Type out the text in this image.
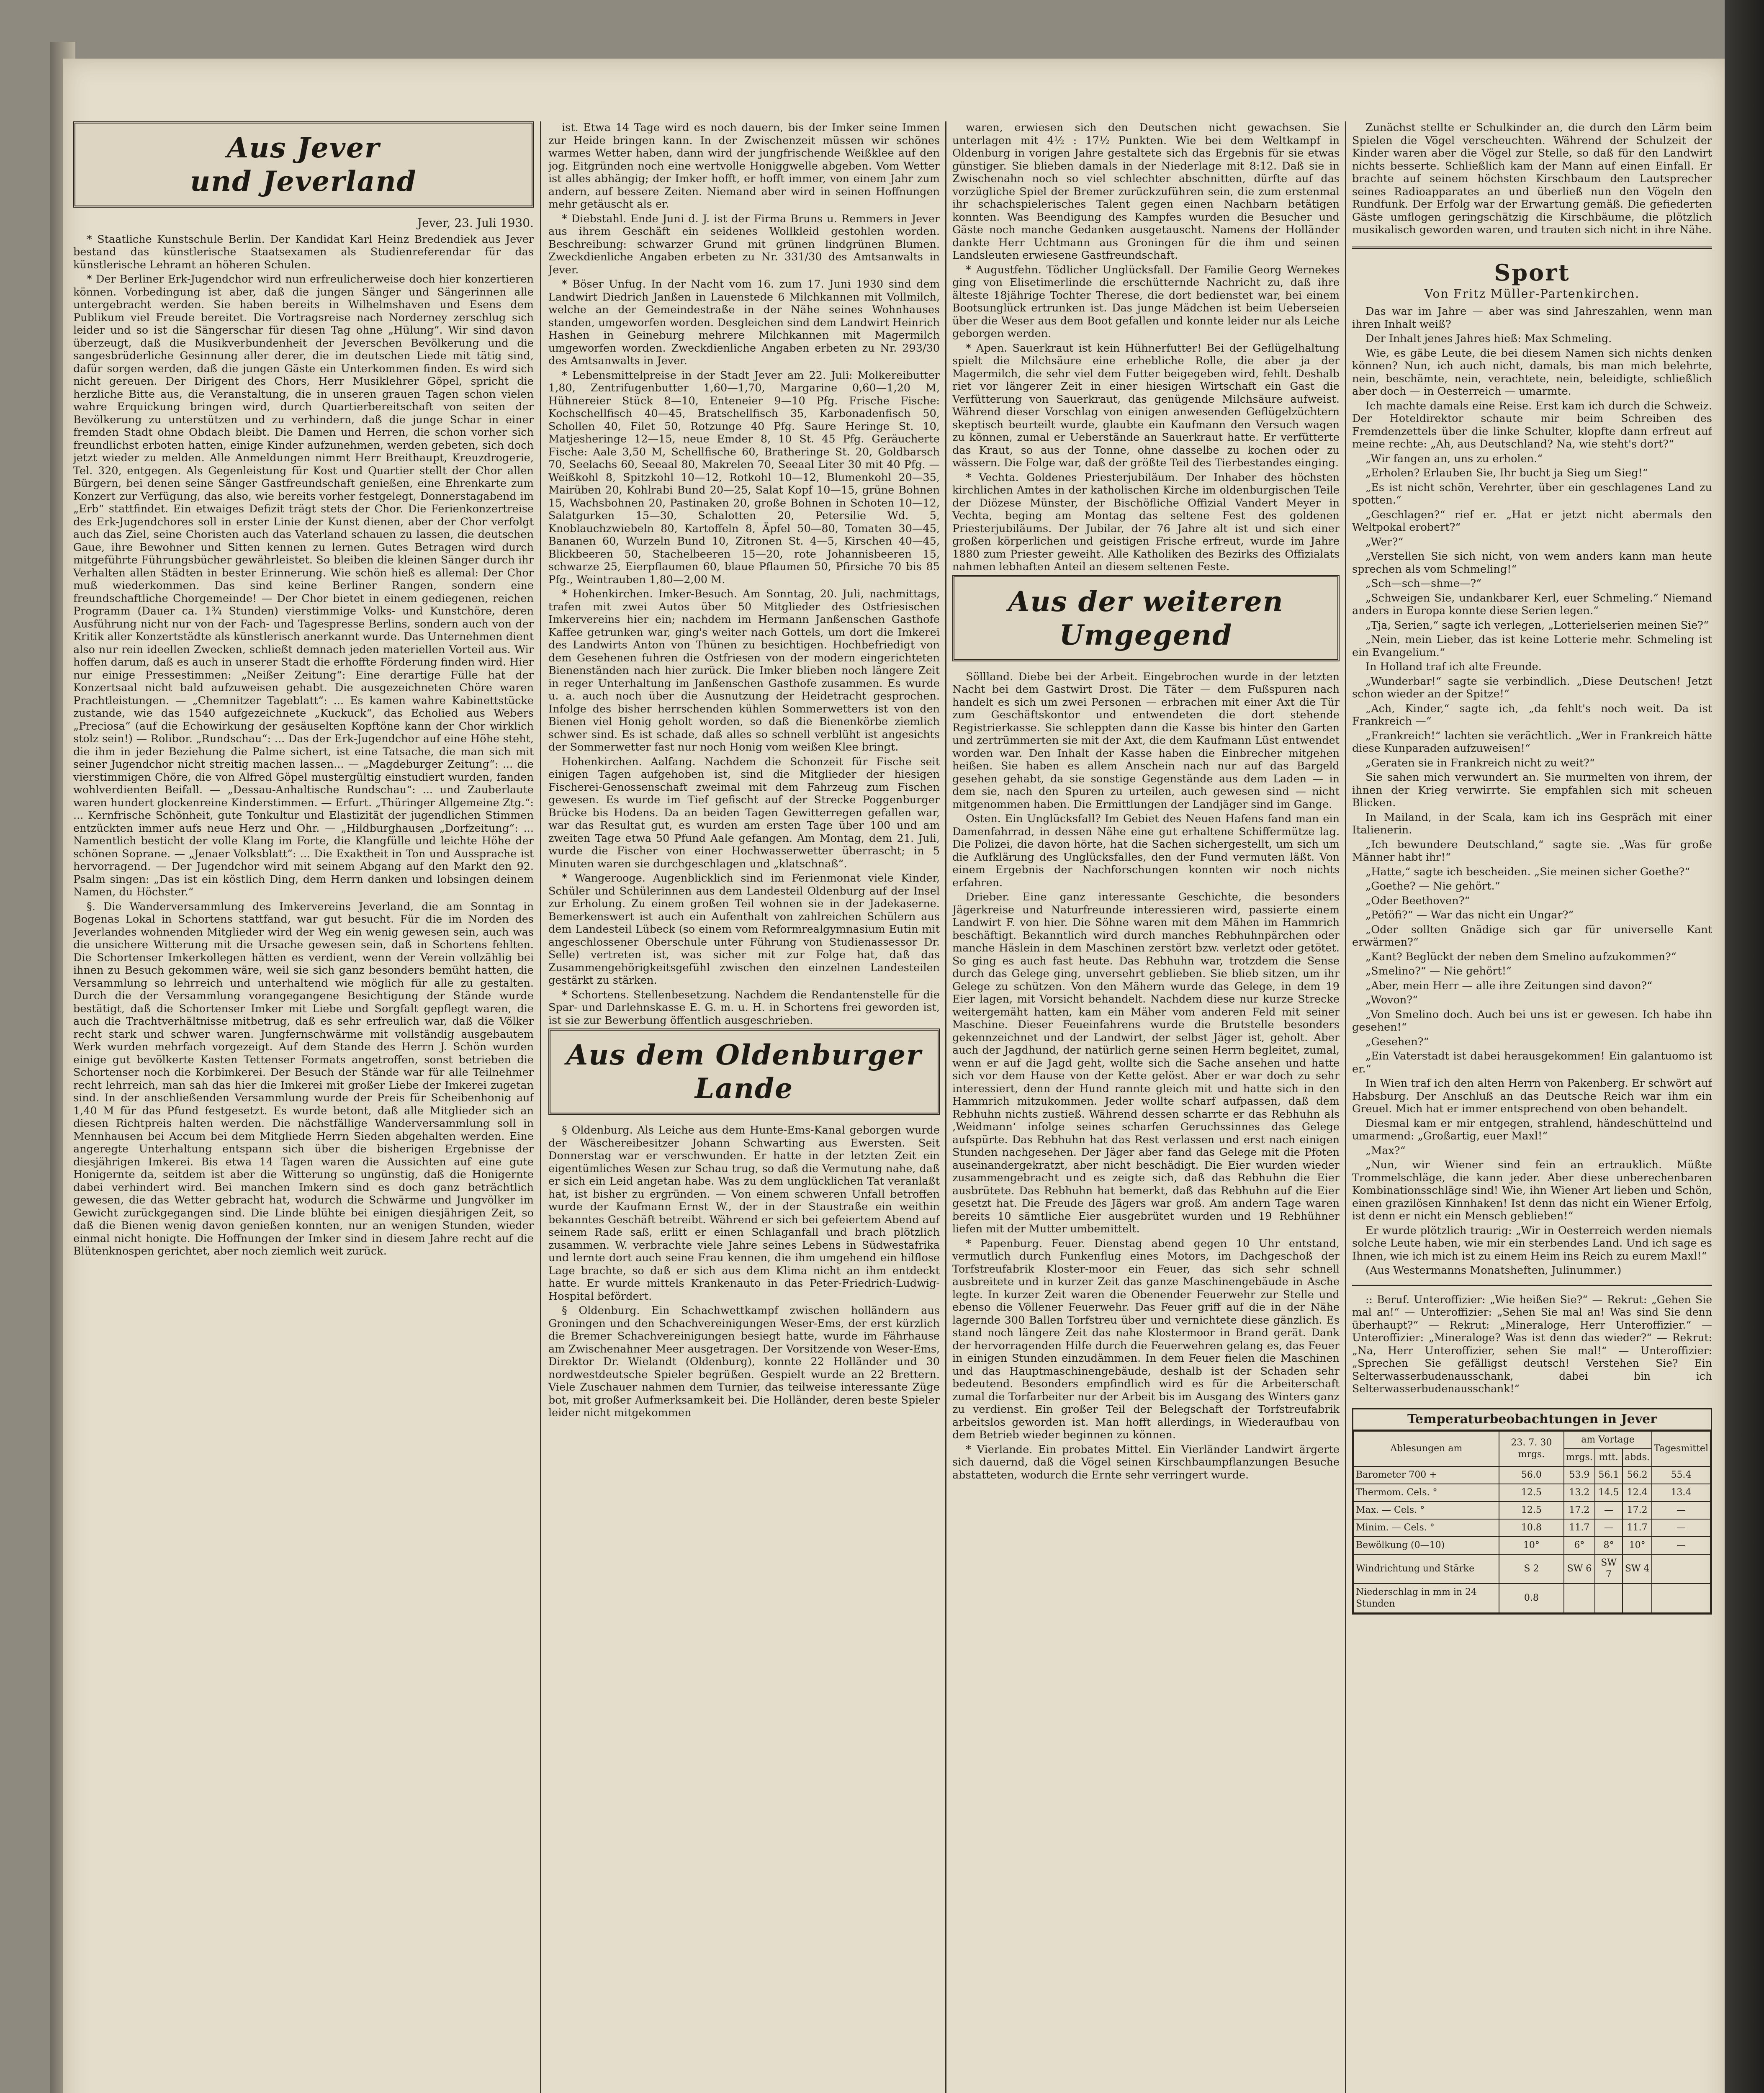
Aus Jever
und Jeverland
Jever, 23. Juli 1930.

* Staatliche Kunstschule Berlin. Der Kandidat Karl Heinz Bredendiek aus Jever bestand das künstlerische Staatsexamen als Studienreferendar für das künstlerische Lehramt an höheren Schulen.

* Der Berliner Erk-Jugendchor wird nun erfreulicherweise doch hier konzertieren können. Vorbedingung ist aber, daß die jungen Sänger und Sängerinnen alle untergebracht werden. Sie haben bereits in Wilhelmshaven und Esens dem Publikum viel Freude bereitet. Die Vortragsreise nach Norderney zerschlug sich leider und so ist die Sängerschar für diesen Tag ohne „Hülung“. Wir sind davon überzeugt, daß die Musikverbundenheit der Jeverschen Bevölkerung und die sangesbrüderliche Gesinnung aller derer, die im deutschen Liede mit tätig sind, dafür sorgen werden, daß die jungen Gäste ein Unterkommen finden. Es wird sich nicht gereuen. Der Dirigent des Chors, Herr Musiklehrer Göpel, spricht die herzliche Bitte aus, die Veranstaltung, die in unseren grauen Tagen schon vielen wahre Erquickung bringen wird, durch Quartierbereitschaft von seiten der Bevölkerung zu unterstützen und zu verhindern, daß die junge Schar in einer fremden Stadt ohne Obdach bleibt. Die Damen und Herren, die schon vorher sich freundlichst erboten hatten, einige Kinder aufzunehmen, werden gebeten, sich doch jetzt wieder zu melden. Alle Anmeldungen nimmt Herr Breithaupt, Kreuzdrogerie, Tel. 320, entgegen. Als Gegenleistung für Kost und Quartier stellt der Chor allen Bürgern, bei denen seine Sänger Gastfreundschaft genießen, eine Ehrenkarte zum Konzert zur Verfügung, das also, wie bereits vorher festgelegt, Donnerstagabend im „Erb“ stattfindet. Ein etwaiges Defizit trägt stets der Chor. Die Ferienkonzertreise des Erk-Jugendchores soll in erster Linie der Kunst dienen, aber der Chor verfolgt auch das Ziel, seine Choristen auch das Vaterland schauen zu lassen, die deutschen Gaue, ihre Bewohner und Sitten kennen zu lernen. Gutes Betragen wird durch mitgeführte Führungsbücher gewährleistet. So bleiben die kleinen Sänger durch ihr Verhalten allen Städten in bester Erinnerung. Wie schön hieß es allemal: Der Chor muß wiederkommen. Das sind keine Berliner Rangen, sondern eine freundschaftliche Chorgemeinde! — Der Chor bietet in einem gediegenen, reichen Programm (Dauer ca. 1¾ Stunden) vierstimmige Volks- und Kunstchöre, deren Ausführung nicht nur von der Fach- und Tagespresse Berlins, sondern auch von der Kritik aller Konzertstädte als künstlerisch anerkannt wurde. Das Unternehmen dient also nur rein ideellen Zwecken, schließt demnach jeden materiellen Vorteil aus. Wir hoffen darum, daß es auch in unserer Stadt die erhoffte Förderung finden wird. Hier nur einige Pressestimmen: „Neißer Zeitung“: Eine derartige Fülle hat der Konzertsaal nicht bald aufzuweisen gehabt. Die ausgezeichneten Chöre waren Prachtleistungen. — „Chemnitzer Tageblatt“: ... Es kamen wahre Kabinettstücke zustande, wie das 1540 aufgezeichnete „Kuckuck“, das Echolied aus Webers „Preciosa“ (auf die Echowirkung der gesäuselten Kopftöne kann der Chor wirklich stolz sein!) — Rolibor. „Rundschau“: ... Das der Erk-Jugendchor auf eine Höhe steht, die ihm in jeder Beziehung die Palme sichert, ist eine Tatsache, die man sich mit seiner Jugendchor nicht streitig machen lassen... — „Magdeburger Zeitung“: ... die vierstimmigen Chöre, die von Alfred Göpel mustergültig einstudiert wurden, fanden wohlverdienten Beifall. — „Dessau-Anhaltische Rundschau“: ... und Zauberlaute waren hundert glockenreine Kinderstimmen. — Erfurt. „Thüringer Allgemeine Ztg.“: ... Kernfrische Schönheit, gute Tonkultur und Elastizität der jugendlichen Stimmen entzückten immer aufs neue Herz und Ohr. — „Hildburghausen „Dorfzeitung“: ... Namentlich besticht der volle Klang im Forte, die Klangfülle und leichte Höhe der schönen Soprane. — „Jenaer Volksblatt“: ... Die Exaktheit in Ton und Aussprache ist hervorragend. — Der Jugendchor wird mit seinem Abgang auf den Markt den 92. Psalm singen: „Das ist ein köstlich Ding, dem Herrn danken und lobsingen deinem Namen, du Höchster.“

§. Die Wanderversammlung des Imkervereins Jeverland, die am Sonntag in Bogenas Lokal in Schortens stattfand, war gut besucht. Für die im Norden des Jeverlandes wohnenden Mitglieder wird der Weg ein wenig gewesen sein, auch was die unsichere Witterung mit die Ursache gewesen sein, daß in Schortens fehlten. Die Schortenser Imkerkollegen hätten es verdient, wenn der Verein vollzählig bei ihnen zu Besuch gekommen wäre, weil sie sich ganz besonders bemüht hatten, die Versammlung so lehrreich und unterhaltend wie möglich für alle zu gestalten. Durch die der Versammlung vorangegangene Besichtigung der Stände wurde bestätigt, daß die Schortenser Imker mit Liebe und Sorgfalt gepflegt waren, die auch die Trachtverhältnisse mitbetrug, daß es sehr erfreulich war, daß die Völker recht stark und schwer waren. Jungfernschwärme mit vollständig ausgebautem Werk wurden mehrfach vorgezeigt. Auf dem Stande des Herrn J. Schön wurden einige gut bevölkerte Kasten Tettenser Formats angetroffen, sonst betrieben die Schortenser noch die Korbimkerei. Der Besuch der Stände war für alle Teilnehmer recht lehrreich, man sah das hier die Imkerei mit großer Liebe der Imkerei zugetan sind. In der anschließenden Versammlung wurde der Preis für Scheibenhonig auf 1,40 M für das Pfund festgesetzt. Es wurde betont, daß alle Mitglieder sich an diesen Richtpreis halten werden. Die nächstfällige Wanderversammlung soll in Mennhausen bei Accum bei dem Mitgliede Herrn Sieden abgehalten werden. Eine angeregte Unterhaltung entspann sich über die bisherigen Ergebnisse der diesjährigen Imkerei. Bis etwa 14 Tagen waren die Aussichten auf eine gute Honigernte da, seitdem ist aber die Witterung so ungünstig, daß die Honigernte dabei verhindert wird. Bei manchen Imkern sind es doch ganz beträchtlich gewesen, die das Wetter gebracht hat, wodurch die Schwärme und Jungvölker im Gewicht zurückgegangen sind. Die Linde blühte bei einigen diesjährigen Zeit, so daß die Bienen wenig davon genießen konnten, nur an wenigen Stunden, wieder einmal nicht honigte. Die Hoffnungen der Imker sind in diesem Jahre recht auf die Blütenknospen gerichtet, aber noch ziemlich weit zurück.

ist. Etwa 14 Tage wird es noch dauern, bis der Imker seine Immen zur Heide bringen kann. In der Zwischenzeit müssen wir schönes warmes Wetter haben, dann wird der jungfrischende Weißklee auf den jog. Eitgründen noch eine wertvolle Honiggwelle abgeben. Vom Wetter ist alles abhängig; der Imker hofft, er hofft immer, von einem Jahr zum andern, auf bessere Zeiten. Niemand aber wird in seinen Hoffnungen mehr getäuscht als er.

* Diebstahl. Ende Juni d. J. ist der Firma Bruns u. Remmers in Jever aus ihrem Geschäft ein seidenes Wollkleid gestohlen worden. Beschreibung: schwarzer Grund mit grünen lindgrünen Blumen. Zweckdienliche Angaben erbeten zu Nr. 331/30 des Amtsanwalts in Jever.

* Böser Unfug. In der Nacht vom 16. zum 17. Juni 1930 sind dem Landwirt Diedrich Janßen in Lauenstede 6 Milchkannen mit Vollmilch, welche an der Gemeindestraße in der Nähe seines Wohnhauses standen, umgeworfen worden. Desgleichen sind dem Landwirt Heinrich Hashen in Geineburg mehrere Milchkannen mit Magermilch umgeworfen worden. Zweckdienliche Angaben erbeten zu Nr. 293/30 des Amtsanwalts in Jever.

* Lebensmittelpreise in der Stadt Jever am 22. Juli: Molkereibutter 1,80, Zentrifugenbutter 1,60—1,70, Margarine 0,60—1,20 M, Hühnereier Stück 8—10, Enteneier 9—10 Pfg. Frische Fische: Kochschellfisch 40—45, Bratschellfisch 35, Karbonadenfisch 50, Schollen 40, Filet 50, Rotzunge 40 Pfg. Saure Heringe St. 10, Matjesheringe 12—15, neue Emder 8, 10 St. 45 Pfg. Geräucherte Fische: Aale 3,50 M, Schellfische 60, Bratheringe St. 20, Goldbarsch 70, Seelachs 60, Seeaal 80, Makrelen 70, Seeaal Liter 30 mit 40 Pfg. — Weißkohl 8, Spitzkohl 10—12, Rotkohl 10—12, Blumenkohl 20—35, Mairüben 20, Kohlrabi Bund 20—25, Salat Kopf 10—15, grüne Bohnen 15, Wachsbohnen 20, Pastinaken 20, große Bohnen in Schoten 10—12, Salatgurken 15—30, Schalotten 20, Petersilie Wd. 5, Knoblauchzwiebeln 80, Kartoffeln 8, Äpfel 50—80, Tomaten 30—45, Bananen 60, Wurzeln Bund 10, Zitronen St. 4—5, Kirschen 40—45, Blickbeeren 50, Stachelbeeren 15—20, rote Johannisbeeren 15, schwarze 25, Eierpflaumen 60, blaue Pflaumen 50, Pfirsiche 70 bis 85 Pfg., Weintrauben 1,80—2,00 M.

* Hohenkirchen. Imker-Besuch. Am Sonntag, 20. Juli, nachmittags, trafen mit zwei Autos über 50 Mitglieder des Ostfriesischen Imkervereins hier ein; nachdem im Hermann Janßenschen Gasthofe Kaffee getrunken war, ging's weiter nach Gottels, um dort die Imkerei des Landwirts Anton von Thünen zu besichtigen. Hochbefriedigt von dem Gesehenen fuhren die Ostfriesen von der modern eingerichteten Bienenständen nach hier zurück. Die Imker blieben noch längere Zeit in reger Unterhaltung im Janßenschen Gasthofe zusammen. Es wurde u. a. auch noch über die Ausnutzung der Heidetracht gesprochen. Infolge des bisher herrschenden kühlen Sommerwetters ist von den Bienen viel Honig geholt worden, so daß die Bienenkörbe ziemlich schwer sind. Es ist schade, daß alles so schnell verblüht ist angesichts der Sommerwetter fast nur noch Honig vom weißen Klee bringt.

Hohenkirchen. Aalfang. Nachdem die Schonzeit für Fische seit einigen Tagen aufgehoben ist, sind die Mitglieder der hiesigen Fischerei-Genossenschaft zweimal mit dem Fahrzeug zum Fischen gewesen. Es wurde im Tief gefischt auf der Strecke Poggenburger Brücke bis Hodens. Da an beiden Tagen Gewitterregen gefallen war, war das Resultat gut, es wurden am ersten Tage über 100 und am zweiten Tage etwa 50 Pfund Aale gefangen. Am Montag, dem 21. Juli, wurde die Fischer von einer Hochwasserwetter überrascht; in 5 Minuten waren sie durchgeschlagen und „klatschnaß“.

* Wangerooge. Augenblicklich sind im Ferienmonat viele Kinder, Schüler und Schülerinnen aus dem Landesteil Oldenburg auf der Insel zur Erholung. Zu einem großen Teil wohnen sie in der Jadekaserne. Bemerkenswert ist auch ein Aufenthalt von zahlreichen Schülern aus dem Landesteil Lübeck (so einem vom Reformrealgymnasium Eutin mit angeschlossener Oberschule unter Führung von Studienassessor Dr. Selle) vertreten ist, was sicher mit zur Folge hat, daß das Zusammengehörigkeitsgefühl zwischen den einzelnen Landesteilen gestärkt zu stärken.

* Schortens. Stellenbesetzung. Nachdem die Rendantenstelle für die Spar- und Darlehnskasse E. G. m. u. H. in Schortens frei geworden ist, ist sie zur Bewerbung öffentlich ausgeschrieben.

Aus dem Oldenburger
Lande

§ Oldenburg. Als Leiche aus dem Hunte-Ems-Kanal geborgen wurde der Wäschereibesitzer Johann Schwarting aus Ewersten. Seit Donnerstag war er verschwunden. Er hatte in der letzten Zeit ein eigentümliches Wesen zur Schau trug, so daß die Vermutung nahe, daß er sich ein Leid angetan habe. Was zu dem unglücklichen Tat veranlaßt hat, ist bisher zu ergründen. — Von einem schweren Unfall betroffen wurde der Kaufmann Ernst W., der in der Staustraße ein weithin bekanntes Geschäft betreibt. Während er sich bei gefeiertem Abend auf seinem Rade saß, erlitt er einen Schlaganfall und brach plötzlich zusammen. W. verbrachte viele Jahre seines Lebens in Südwestafrika und lernte dort auch seine Frau kennen, die ihm umgehend ein hilflose Lage brachte, so daß er sich aus dem Klima nicht an ihm entdeckt hatte. Er wurde mittels Krankenauto in das Peter-Friedrich-Ludwig-Hospital befördert.

§ Oldenburg. Ein Schachwettkampf zwischen holländern aus Groningen und den Schachvereinigungen Weser-Ems, der erst kürzlich die Bremer Schachvereinigungen besiegt hatte, wurde im Fährhause am Zwischenahner Meer ausgetragen. Der Vorsitzende von Weser-Ems, Direktor Dr. Wielandt (Oldenburg), konnte 22 Holländer und 30 nordwestdeutsche Spieler begrüßen. Gespielt wurde an 22 Brettern. Viele Zuschauer nahmen dem Turnier, das teilweise interessante Züge bot, mit großer Aufmerksamkeit bei. Die Holländer, deren beste Spieler leider nicht mitgekommen

waren, erwiesen sich den Deutschen nicht gewachsen. Sie unterlagen mit 4½ : 17½ Punkten. Wie bei dem Weltkampf in Oldenburg in vorigen Jahre gestaltete sich das Ergebnis für sie etwas günstiger. Sie blieben damals in der Niederlage mit 8:12. Daß sie in Zwischenahn noch so viel schlechter abschnitten, dürfte auf das vorzügliche Spiel der Bremer zurückzuführen sein, die zum erstenmal ihr schachspielerisches Talent gegen einen Nachbarn betätigen konnten. Was Beendigung des Kampfes wurden die Besucher und Gäste noch manche Gedanken ausgetauscht. Namens der Holländer dankte Herr Uchtmann aus Groningen für die ihm und seinen Landsleuten erwiesene Gastfreundschaft.

* Augustfehn. Tödlicher Unglücksfall. Der Familie Georg Wernekes ging von Elisetimerlinde die erschütternde Nachricht zu, daß ihre älteste 18jährige Tochter Therese, die dort bedienstet war, bei einem Bootsunglück ertrunken ist. Das junge Mädchen ist beim Ueberseien über die Weser aus dem Boot gefallen und konnte leider nur als Leiche geborgen werden.

* Apen. Sauerkraut ist kein Hühnerfutter! Bei der Geflügelhaltung spielt die Milchsäure eine erhebliche Rolle, die aber ja der Magermilch, die sehr viel dem Futter beigegeben wird, fehlt. Deshalb riet vor längerer Zeit in einer hiesigen Wirtschaft ein Gast die Verfütterung von Sauerkraut, das genügende Milchsäure aufweist. Während dieser Vorschlag von einigen anwesenden Geflügelzüchtern skeptisch beurteilt wurde, glaubte ein Kaufmann den Versuch wagen zu können, zumal er Ueberstände an Sauerkraut hatte. Er verfütterte das Kraut, so aus der Tonne, ohne dasselbe zu kochen oder zu wässern. Die Folge war, daß der größte Teil des Tierbestandes einging.

* Vechta. Goldenes Priesterjubiläum. Der Inhaber des höchsten kirchlichen Amtes in der katholischen Kirche im oldenburgischen Teile der Diözese Münster, der Bischöfliche Offizial Vandert Meyer in Vechta, beging am Montag das seltene Fest des goldenen Priesterjubiläums. Der Jubilar, der 76 Jahre alt ist und sich einer großen körperlichen und geistigen Frische erfreut, wurde im Jahre 1880 zum Priester geweiht. Alle Katholiken des Bezirks des Offizialats nahmen lebhaften Anteil an diesem seltenen Feste.

Aus der weiteren
Umgegend

Söllland. Diebe bei der Arbeit. Eingebrochen wurde in der letzten Nacht bei dem Gastwirt Drost. Die Täter — dem Fußspuren nach handelt es sich um zwei Personen — erbrachen mit einer Axt die Tür zum Geschäftskontor und entwendeten die dort stehende Registrierkasse. Sie schleppten dann die Kasse bis hinter den Garten und zertrümmerten sie mit der Axt, die dem Kaufmann Lüst entwendet worden war. Den Inhalt der Kasse haben die Einbrecher mitgehen heißen. Sie haben es allem Anschein nach nur auf das Bargeld gesehen gehabt, da sie sonstige Gegenstände aus dem Laden — in dem sie, nach den Spuren zu urteilen, auch gewesen sind — nicht mitgenommen haben. Die Ermittlungen der Landjäger sind im Gange.

Osten. Ein Unglücksfall? Im Gebiet des Neuen Hafens fand man ein Damenfahrrad, in dessen Nähe eine gut erhaltene Schiffermütze lag. Die Polizei, die davon hörte, hat die Sachen sichergestellt, um sich um die Aufklärung des Unglücksfalles, den der Fund vermuten läßt. Von einem Ergebnis der Nachforschungen konnten wir noch nichts erfahren.

Drieber. Eine ganz interessante Geschichte, die besonders Jägerkreise und Naturfreunde interessieren wird, passierte einem Landwirt F. von hier. Die Söhne waren mit dem Mähen im Hammrich beschäftigt. Bekanntlich wird durch manches Rebhuhnpärchen oder manche Häslein in dem Maschinen zerstört bzw. verletzt oder getötet. So ging es auch fast heute. Das Rebhuhn war, trotzdem die Sense durch das Gelege ging, unversehrt geblieben. Sie blieb sitzen, um ihr Gelege zu schützen. Von den Mähern wurde das Gelege, in dem 19 Eier lagen, mit Vorsicht behandelt. Nachdem diese nur kurze Strecke weitergemäht hatten, kam ein Mäher vom anderen Feld mit seiner Maschine. Dieser Feueinfahrens wurde die Brutstelle besonders gekennzeichnet und der Landwirt, der selbst Jäger ist, geholt. Aber auch der Jagdhund, der natürlich gerne seinen Herrn begleitet, zumal, wenn er auf die Jagd geht, wollte sich die Sache ansehen und hatte sich vor dem Hause von der Kette gelöst. Aber er war doch zu sehr interessiert, denn der Hund rannte gleich mit und hatte sich in den Hammrich mitzukommen. Jeder wollte scharf aufpassen, daß dem Rebhuhn nichts zustieß. Während dessen scharrte er das Rebhuhn als ‚Weidmann‘ infolge seines scharfen Geruchssinnes das Gelege aufspürte. Das Rebhuhn hat das Rest verlassen und erst nach einigen Stunden nachgesehen. Der Jäger aber fand das Gelege mit die Pfoten auseinandergekratzt, aber nicht beschädigt. Die Eier wurden wieder zusammengebracht und es zeigte sich, daß das Rebhuhn die Eier ausbrütete. Das Rebhuhn hat bemerkt, daß das Rebhuhn auf die Eier gesetzt hat. Die Freude des Jägers war groß. Am andern Tage waren bereits 10 sämtliche Eier ausgebrütet wurden und 19 Rebhühner liefen mit der Mutter umbemittelt.

* Papenburg. Feuer. Dienstag abend gegen 10 Uhr entstand, vermutlich durch Funkenflug eines Motors, im Dachgeschoß der Torfstreufabrik Kloster-moor ein Feuer, das sich sehr schnell ausbreitete und in kurzer Zeit das ganze Maschinengebäude in Asche legte. In kurzer Zeit waren die Obenender Feuerwehr zur Stelle und ebenso die Völlener Feuerwehr. Das Feuer griff auf die in der Nähe lagernde 300 Ballen Torfstreu über und vernichtete diese gänzlich. Es stand noch längere Zeit das nahe Klostermoor in Brand gerät. Dank der hervorragenden Hilfe durch die Feuerwehren gelang es, das Feuer in einigen Stunden einzudämmen. In dem Feuer fielen die Maschinen und das Hauptmaschinengebäude, deshalb ist der Schaden sehr bedeutend. Besonders empfindlich wird es für die Arbeiterschaft zumal die Torfarbeiter nur der Arbeit bis im Ausgang des Winters ganz zu verdienst. Ein großer Teil der Belegschaft der Torfstreufabrik arbeitslos geworden ist. Man hofft allerdings, in Wiederaufbau von dem Betrieb wieder beginnen zu können.

* Vierlande. Ein probates Mittel. Ein Vierländer Landwirt ärgerte sich dauernd, daß die Vögel seinen Kirschbaumpflanzungen Besuche abstatteten, wodurch die Ernte sehr verringert wurde.

Zunächst stellte er Schulkinder an, die durch den Lärm beim Spielen die Vögel verscheuchten. Während der Schulzeit der Kinder waren aber die Vögel zur Stelle, so daß für den Landwirt nichts besserte. Schließlich kam der Mann auf einen Einfall. Er brachte auf seinem höchsten Kirschbaum den Lautsprecher seines Radioapparates an und überließ nun den Vögeln den Rundfunk. Der Erfolg war der Erwartung gemäß. Die gefiederten Gäste umflogen geringschätzig die Kirschbäume, die plötzlich musikalisch geworden waren, und trauten sich nicht in ihre Nähe.

Sport
Von Fritz Müller-Partenkirchen.

Das war im Jahre — aber was sind Jahreszahlen, wenn man ihren Inhalt weiß?

Der Inhalt jenes Jahres hieß: Max Schmeling.

Wie, es gäbe Leute, die bei diesem Namen sich nichts denken können? Nun, ich auch nicht, damals, bis man mich belehrte, nein, beschämte, nein, verachtete, nein, beleidigte, schließlich aber doch — in Oesterreich — umarmte.

Ich machte damals eine Reise. Erst kam ich durch die Schweiz. Der Hoteldirektor schaute mir beim Schreiben des Fremdenzettels über die linke Schulter, klopfte dann erfreut auf meine rechte: „Ah, aus Deutschland? Na, wie steht's dort?“

„Wir fangen an, uns zu erholen.“

„Erholen? Erlauben Sie, Ihr bucht ja Sieg um Sieg!“

„Es ist nicht schön, Verehrter, über ein geschlagenes Land zu spotten.“

„Geschlagen?“ rief er. „Hat er jetzt nicht abermals den Weltpokal erobert?“

„Wer?“

„Verstellen Sie sich nicht, von wem anders kann man heute sprechen als vom Schmeling!“

„Sch—sch—shme—?“

„Schweigen Sie, undankbarer Kerl, euer Schmeling.“ Niemand anders in Europa konnte diese Serien legen.“

„Tja, Serien,“ sagte ich verlegen, „Lotterielserien meinen Sie?“

„Nein, mein Lieber, das ist keine Lotterie mehr. Schmeling ist ein Evangelium.“

In Holland traf ich alte Freunde.

„Wunderbar!“ sagte sie verbindlich. „Diese Deutschen! Jetzt schon wieder an der Spitze!“

„Ach, Kinder,“ sagte ich, „da fehlt's noch weit. Da ist Frankreich —“

„Frankreich!“ lachten sie verächtlich. „Wer in Frankreich hätte diese Kunparaden aufzuweisen!“

„Geraten sie in Frankreich nicht zu weit?“

Sie sahen mich verwundert an. Sie murmelten von ihrem, der ihnen der Krieg verwirrte. Sie empfahlen sich mit scheuen Blicken.

In Mailand, in der Scala, kam ich ins Gespräch mit einer Italienerin.

„Ich bewundere Deutschland,“ sagte sie. „Was für große Männer habt ihr!“

„Hatte,“ sagte ich bescheiden. „Sie meinen sicher Goethe?“

„Goethe? — Nie gehört.“

„Oder Beethoven?“

„Petöfi?“ — War das nicht ein Ungar?“

„Oder sollten Gnädige sich gar für universelle Kant erwärmen?“

„Kant? Beglückt der neben dem Smelino aufzukommen?“

„Smelino?“ — Nie gehört!“

„Aber, mein Herr — alle ihre Zeitungen sind davon?“

„Wovon?“

„Von Smelino doch. Auch bei uns ist er gewesen. Ich habe ihn gesehen!“

„Gesehen?“

„Ein Vaterstadt ist dabei herausgekommen! Ein galantuomo ist er.“

In Wien traf ich den alten Herrn von Pakenberg. Er schwört auf Habsburg. Der Anschluß an das Deutsche Reich war ihm ein Greuel. Mich hat er immer entsprechend von oben behandelt.

Diesmal kam er mir entgegen, strahlend, händeschüttelnd und umarmend: „Großartig, euer Maxl!“

„Max?“

„Nun, wir Wiener sind fein an ertrauklich. Müßte Trommelschläge, die kann jeder. Aber diese unberechenbaren Kombinationsschläge sind! Wie, ihn Wiener Art lieben und Schön, einen grazilösen Kinnhaken! Ist denn das nicht ein Wiener Erfolg, ist denn er nicht ein Mensch geblieben!“

Er wurde plötzlich traurig: „Wir in Oesterreich werden niemals solche Leute haben, wie mir ein sterbendes Land. Und ich sage es Ihnen, wie ich mich ist zu einem Heim ins Reich zu eurem Maxl!“

(Aus Westermanns Monatsheften, Julinummer.)

:: Beruf. Unteroffizier: „Wie heißen Sie?“ — Rekrut: „Gehen Sie mal an!“ — Unteroffizier: „Sehen Sie mal an! Was sind Sie denn überhaupt?“ — Rekrut: „Mineraloge, Herr Unteroffizier.“ — Unteroffizier: „Mineraloge? Was ist denn das wieder?“ — Rekrut: „Na, Herr Unteroffizier, sehen Sie mal!“ — Unteroffizier: „Sprechen Sie gefälligst deutsch! Verstehen Sie? Ein Selterwasserbudenausschank, dabei bin ich Selterwasserbudenausschank!“

Temperaturbeobachtungen in Jever
Ablesungen am	23. 7. 30 mrgs.	am Vortage			Tagesmittel
		mrgs.	mtt.	abds.	
Barometer 700 +	56.0	53.9	56.1	56.2	55.4
Thermom. Cels. °	12.5	13.2	14.5	12.4	13.4
Max. — Cels. °	12.5	17.2	—	17.2	—
Minim. — Cels. °	10.8	11.7	—	11.7	—
Bewölkung (0—10)	10°	6°	8°	10°	—
Windrichtung und Stärke	S 2	SW 6	SW 7	SW 4	
Niederschlag in mm in 24 Stunden	0.8				
